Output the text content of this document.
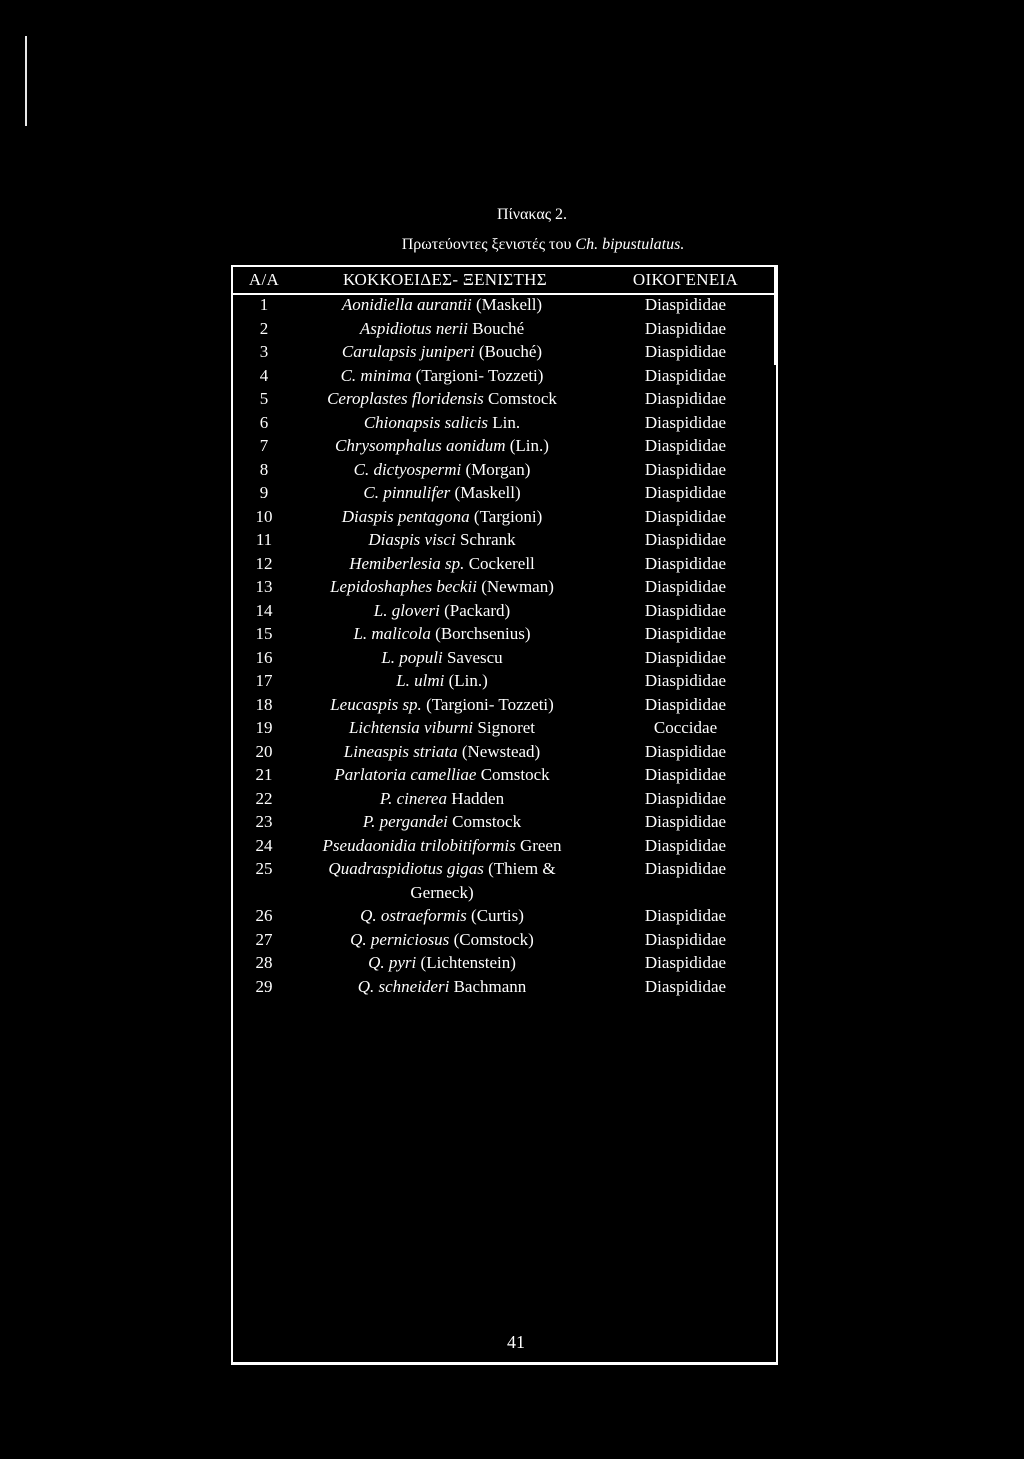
Πίνακας 2.
Πρωτεύοντες ξενιστές του Ch. bipustulatus.
Α/Α	ΚΟΚΚΟΕΙΔΕΣ- ΞΕΝΙΣΤΗΣ	ΟΙΚΟΓΕΝΕΙΑ
1	Aonidiella aurantii (Maskell)	Diaspididae
2	Aspidiotus nerii Bouché	Diaspididae
3	Carulapsis juniperi (Bouché)	Diaspididae
4	C. minima (Targioni- Tozzeti)	Diaspididae
5	Ceroplastes floridensis Comstock	Diaspididae
6	Chionapsis salicis Lin.	Diaspididae
7	Chrysomphalus aonidum (Lin.)	Diaspididae
8	C. dictyospermi (Morgan)	Diaspididae
9	C. pinnulifer (Maskell)	Diaspididae
10	Diaspis pentagona (Targioni)	Diaspididae
11	Diaspis visci Schrank	Diaspididae
12	Hemiberlesia sp. Cockerell	Diaspididae
13	Lepidoshaphes beckii (Newman)	Diaspididae
14	L. gloveri (Packard)	Diaspididae
15	L. malicola (Borchsenius)	Diaspididae
16	L. populi Savescu	Diaspididae
17	L. ulmi (Lin.)	Diaspididae
18	Leucaspis sp. (Targioni- Tozzeti)	Diaspididae
19	Lichtensia viburni Signoret	Coccidae
20	Lineaspis striata (Newstead)	Diaspididae
21	Parlatoria camelliae Comstock	Diaspididae
22	P. cinerea Hadden	Diaspididae
23	P. pergandei Comstock	Diaspididae
24	Pseudaonidia trilobitiformis Green	Diaspididae
25	Quadraspidiotus gigas (Thiem & Gerneck)	Diaspididae
26	Q. ostraeformis (Curtis)	Diaspididae
27	Q. perniciosus (Comstock)	Diaspididae
28	Q. pyri (Lichtenstein)	Diaspididae
29	Q. schneideri Bachmann	Diaspididae
41
